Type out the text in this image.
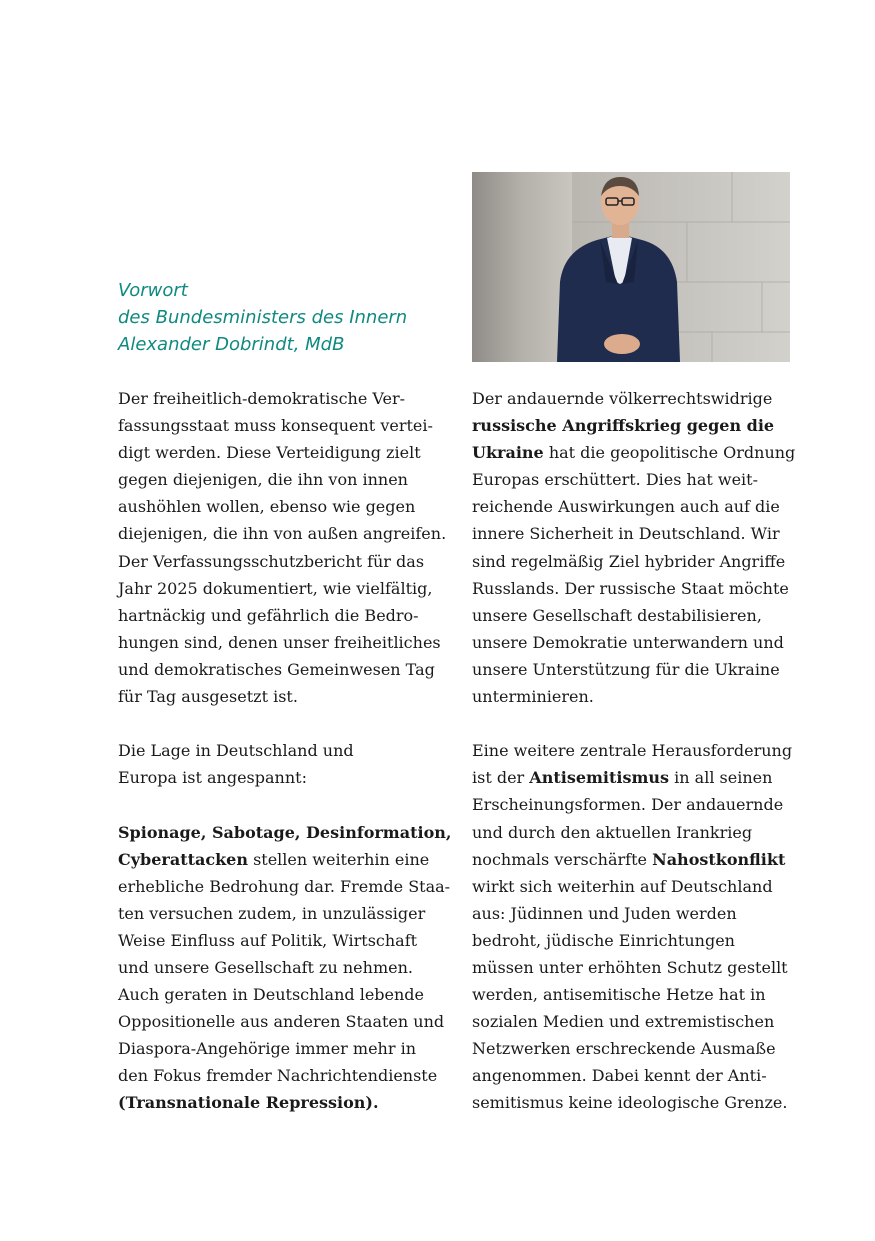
Vorwort
des Bundesministers des Innern
Alexander Dobrindt, MdB

Der freiheitlich-demokratische Ver-
fassungsstaat muss konsequent vertei-
digt werden. Diese Verteidigung zielt
gegen diejenigen, die ihn von innen
aushöhlen wollen, ebenso wie gegen
diejenigen, die ihn von außen angreifen.
Der Verfassungsschutzbericht für das
Jahr 2025 dokumentiert, wie vielfältig,
hartnäckig und gefährlich die Bedro-
hungen sind, denen unser freiheitliches
und demokratisches Gemeinwesen Tag
für Tag ausgesetzt ist.

Die Lage in Deutschland und
Europa ist angespannt:

Spionage, Sabotage, Desinformation,
Cyberattacken stellen weiterhin eine
erhebliche Bedrohung dar. Fremde Staa-
ten versuchen zudem, in unzulässiger
Weise Einfluss auf Politik, Wirtschaft
und unsere Gesellschaft zu nehmen.
Auch geraten in Deutschland lebende
Oppositionelle aus anderen Staaten und
Diaspora-Angehörige immer mehr in
den Fokus fremder Nachrichtendienste
(Transnationale Repression).

Der andauernde völkerrechtswidrige
russische Angriffskrieg gegen die
Ukraine hat die geopolitische Ordnung
Europas erschüttert. Dies hat weit-
reichende Auswirkungen auch auf die
innere Sicherheit in Deutschland. Wir
sind regelmäßig Ziel hybrider Angriffe
Russlands. Der russische Staat möchte
unsere Gesellschaft destabilisieren,
unsere Demokratie unterwandern und
unsere Unterstützung für die Ukraine
unterminieren.

Eine weitere zentrale Herausforderung
ist der Antisemitismus in all seinen
Erscheinungsformen. Der andauernde
und durch den aktuellen Irankrieg
nochmals verschärfte Nahostkonflikt
wirkt sich weiterhin auf Deutschland
aus: Jüdinnen und Juden werden
bedroht, jüdische Einrichtungen
müssen unter erhöhten Schutz gestellt
werden, antisemitische Hetze hat in
sozialen Medien und extremistischen
Netzwerken erschreckende Ausmaße
angenommen. Dabei kennt der Anti-
semitismus keine ideologische Grenze.
